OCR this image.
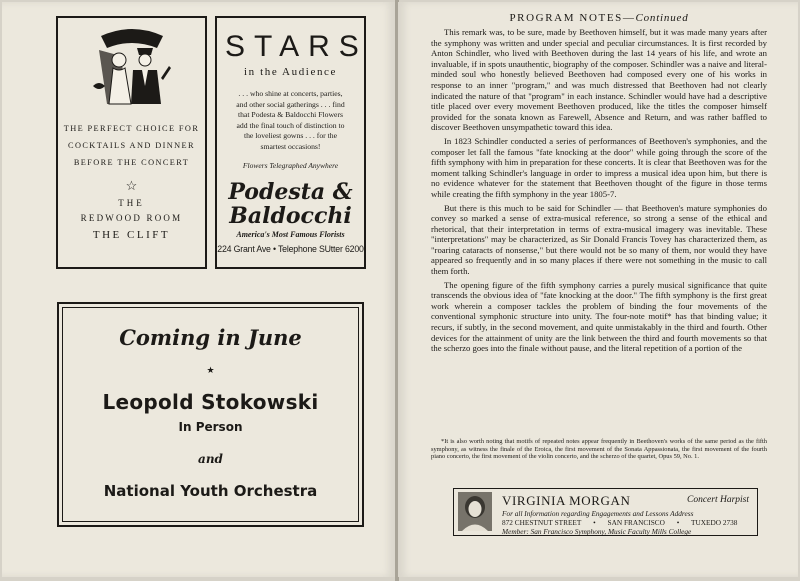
THE PERFECT CHOICE FOR
COCKTAILS AND DINNER
BEFORE THE CONCERT
☆
THE
REDWOOD ROOM
THE CLIFT
STARS
in the Audience
. . . who shine at concerts, parties, and other social gatherings . . . find that Podesta & Baldocchi Flowers add the final touch of distinction to the loveliest gowns . . . for the smartest occasions!
Flowers Telegraphed Anywhere
Podesta &
Baldocchi
America's Most Famous Florists
224 Grant Ave • Telephone SUtter 6200
Coming in June
★
Leopold Stokowski
In Person
and
National Youth Orchestra
PROGRAM NOTES—Continued

This remark was, to be sure, made by Beethoven himself, but it was made many years after the symphony was written and under special and peculiar circumstances. It is first recorded by Anton Schindler, who lived with Beethoven during the last 14 years of his life, and wrote an invaluable, if in spots unauthentic, biography of the composer. Schindler was a naive and literal-minded soul who honestly believed Beethoven had composed every one of his works in response to an inner "program," and was much distressed that Beethoven had not clearly indicated the nature of that "program" in each instance. Schindler would have had a descriptive title placed over every movement Beethoven produced, like the titles the composer himself provided for the sonata known as Farewell, Absence and Return, and was rather baffled to discover Beethoven unsympathetic toward this idea.

In 1823 Schindler conducted a series of performances of Beethoven's symphonies, and the composer let fall the famous "fate knocking at the door" while going through the score of the fifth symphony with him in preparation for these concerts. It is clear that Beethoven was for the moment talking Schindler's language in order to impress a musical idea upon him, but there is no evidence whatever for the statement that Beethoven thought of the figure in those terms while creating the fifth symphony in the year 1805-7.

But there is this much to be said for Schindler — that Beethoven's mature symphonies do convey so marked a sense of extra-musical reference, so strong a sense of the ethical and rhetorical, that their interpretation in terms of extra-musical imagery was inevitable. These "interpretations" may be characterized, as Sir Donald Francis Tovey has characterized them, as "roaring cataracts of nonsense," but there would not be so many of them, nor would they have appeared so frequently and in so many places if there were not something in the music to call them forth.

The opening figure of the fifth symphony carries a purely musical significance that quite transcends the obvious idea of "fate knocking at the door." The fifth symphony is the first great work wherein a composer tackles the problem of binding the four movements of the conventional symphonic structure into unity. The four-note motif* has that binding value; it recurs, if subtly, in the second movement, and quite unmistakably in the third and fourth. Other devices for the attainment of unity are the link between the third and fourth movements so that the scherzo goes into the finale without pause, and the literal repetition of a portion of the

*It is also worth noting that motifs of repeated notes appear frequently in Beethoven's works of the same period as the fifth symphony, as witness the finale of the Eroica, the first movement of the Sonata Appassionata, the first movement of the fourth piano concerto, the first movement of the violin concerto, and the scherzo of the quartet, Opus 59, No. 1.
VIRGINIA MORGAN	Concert Harpist
For all Information regarding Engagements and Lessons Address
872 CHESTNUT STREET • SAN FRANCISCO • TUXEDO 2738
Member: San Francisco Symphony, Music Faculty Mills College
